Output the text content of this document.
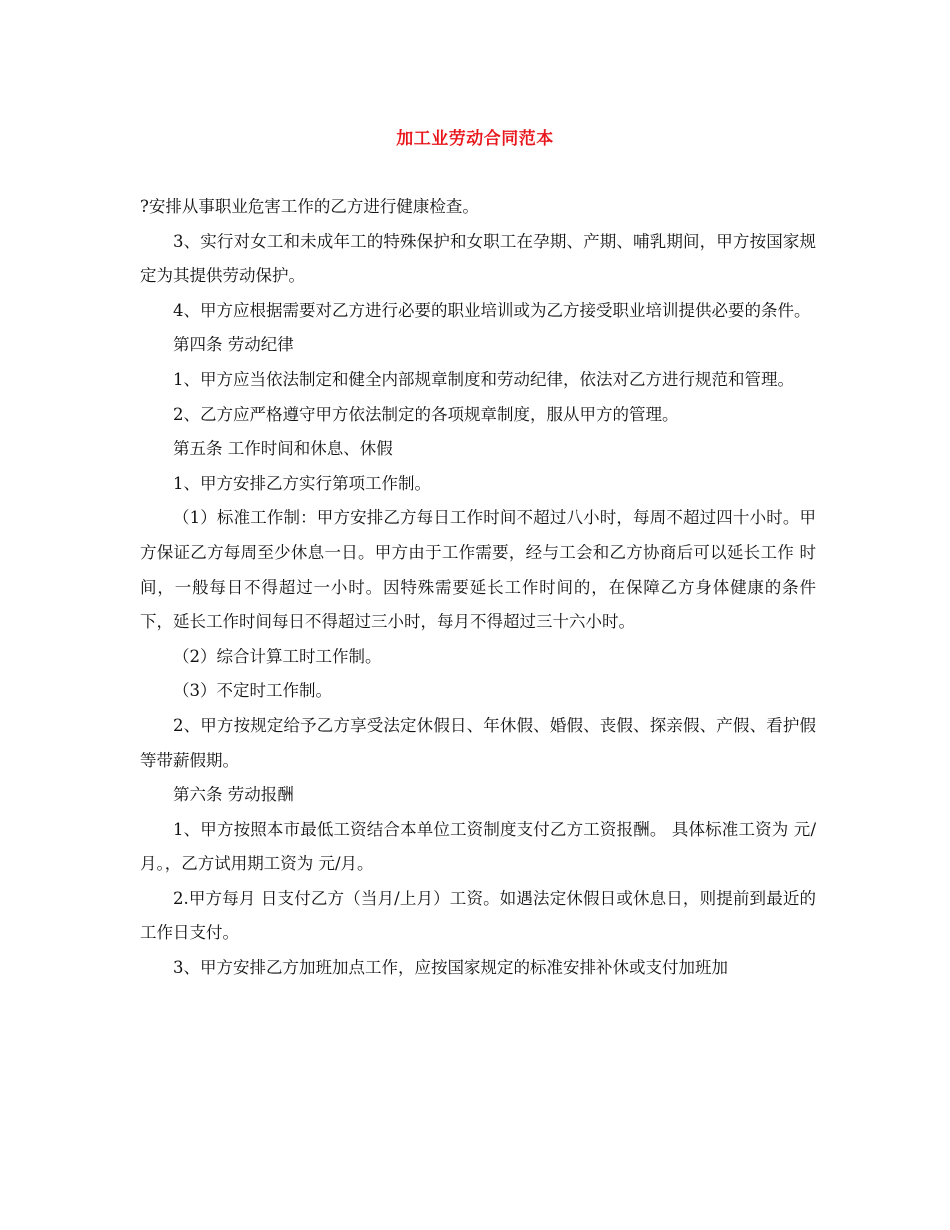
加工业劳动合同范本

?安排从事职业危害工作的乙方进行健康检查。

3、实行对女工和未成年工的特殊保护和女职工在孕期、产期、哺乳期间，甲方按国家规定为其提供劳动保护。

4、甲方应根据需要对乙方进行必要的职业培训或为乙方接受职业培训提供必要的条件。

第四条 劳动纪律

1、甲方应当依法制定和健全内部规章制度和劳动纪律，依法对乙方进行规范和管理。

2、乙方应严格遵守甲方依法制定的各项规章制度，服从甲方的管理。

第五条 工作时间和休息、休假

1、甲方安排乙方实行第项工作制。

（1）标准工作制：甲方安排乙方每日工作时间不超过八小时，每周不超过四十小时。甲方保证乙方每周至少休息一日。甲方由于工作需要，经与工会和乙方协商后可以延长工作 时间，一般每日不得超过一小时。因特殊需要延长工作时间的，在保障乙方身体健康的条件下，延长工作时间每日不得超过三小时，每月不得超过三十六小时。

（2）综合计算工时工作制。

（3）不定时工作制。

2、甲方按规定给予乙方享受法定休假日、年休假、婚假、丧假、探亲假、产假、看护假等带薪假期。

第六条 劳动报酬

1、甲方按照本市最低工资结合本单位工资制度支付乙方工资报酬。 具体标准工资为 元/月。，乙方试用期工资为 元/月。

2.甲方每月 日支付乙方（当月/上月）工资。如遇法定休假日或休息日，则提前到最近的工作日支付。

3、甲方安排乙方加班加点工作，应按国家规定的标准安排补休或支付加班加
